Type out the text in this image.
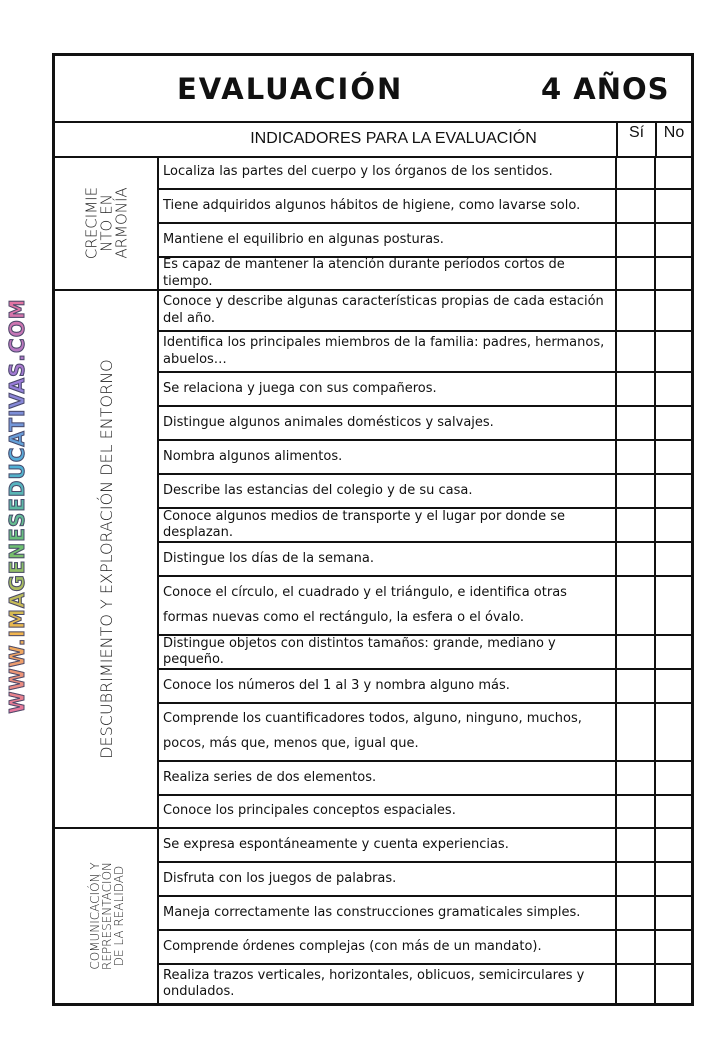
WWW.IMAGENESEDUCATIVAS.COM
EVALUACIÓN	4 AÑOS
INDICADORES PARA LA EVALUACIÓN	Sí	No
CRECIMIE
NTO EN
ARMONÍA
Localiza las partes del cuerpo y los órganos de los sentidos.
Tiene adquiridos algunos hábitos de higiene, como lavarse solo.
Mantiene el equilibrio en algunas posturas.
Es capaz de mantener la atención durante períodos cortos de tiempo.
DESCUBRIMIENTO Y EXPLORACIÓN DEL ENTORNO
Conoce y describe algunas características propias de cada estación del año.
Identifica los principales miembros de la familia: padres, hermanos, abuelos…
Se relaciona y juega con sus compañeros.
Distingue algunos animales domésticos y salvajes.
Nombra algunos alimentos.
Describe las estancias del colegio y de su casa.
Conoce algunos medios de transporte y el lugar por donde se desplazan.
Distingue los días de la semana.
Conoce el círculo, el cuadrado y el triángulo, e identifica otras formas nuevas como el rectángulo, la esfera o el óvalo.
Distingue objetos con distintos tamaños: grande, mediano y pequeño.
Conoce los números del 1 al 3 y nombra alguno más.
Comprende los cuantificadores todos, alguno, ninguno, muchos, pocos, más que, menos que, igual que.
Realiza series de dos elementos.
Conoce los principales conceptos espaciales.
COMUNICACIÓN Y
REPRESENTACIÓN
DE LA REALIDAD
Se expresa espontáneamente y cuenta experiencias.
Disfruta con los juegos de palabras.
Maneja correctamente las construcciones gramaticales simples.
Comprende órdenes complejas (con más de un mandato).
Realiza trazos verticales, horizontales, oblicuos, semicirculares y ondulados.
